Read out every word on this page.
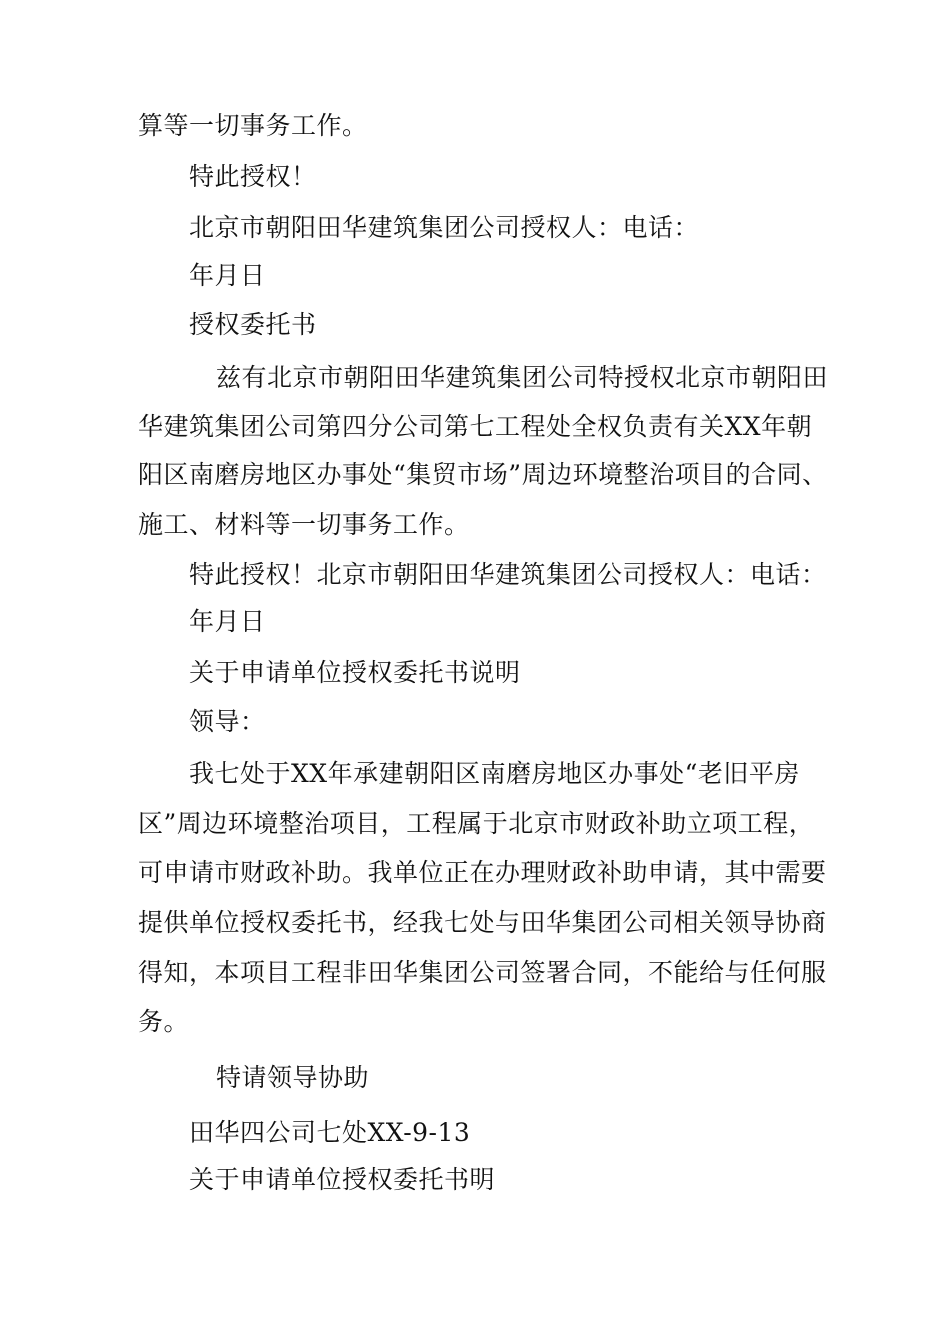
算等一切事务工作。
特此授权！
北京市朝阳田华建筑集团公司授权人：电话：
年月日
授权委托书
兹有北京市朝阳田华建筑集团公司特授权北京市朝阳田
华建筑集团公司第四分公司第七工程处全权负责有关XX年朝
阳区南磨房地区办事处“集贸市场”周边环境整治项目的合同、
施工、材料等一切事务工作。
特此授权！北京市朝阳田华建筑集团公司授权人：电话：
年月日
关于申请单位授权委托书说明
领导：
我七处于XX年承建朝阳区南磨房地区办事处“老旧平房
区”周边环境整治项目，工程属于北京市财政补助立项工程，
可申请市财政补助。我单位正在办理财政补助申请，其中需要
提供单位授权委托书，经我七处与田华集团公司相关领导协商
得知，本项目工程非田华集团公司签署合同，不能给与任何服
务。
特请领导协助
田华四公司七处XX-9-13
关于申请单位授权委托书明
